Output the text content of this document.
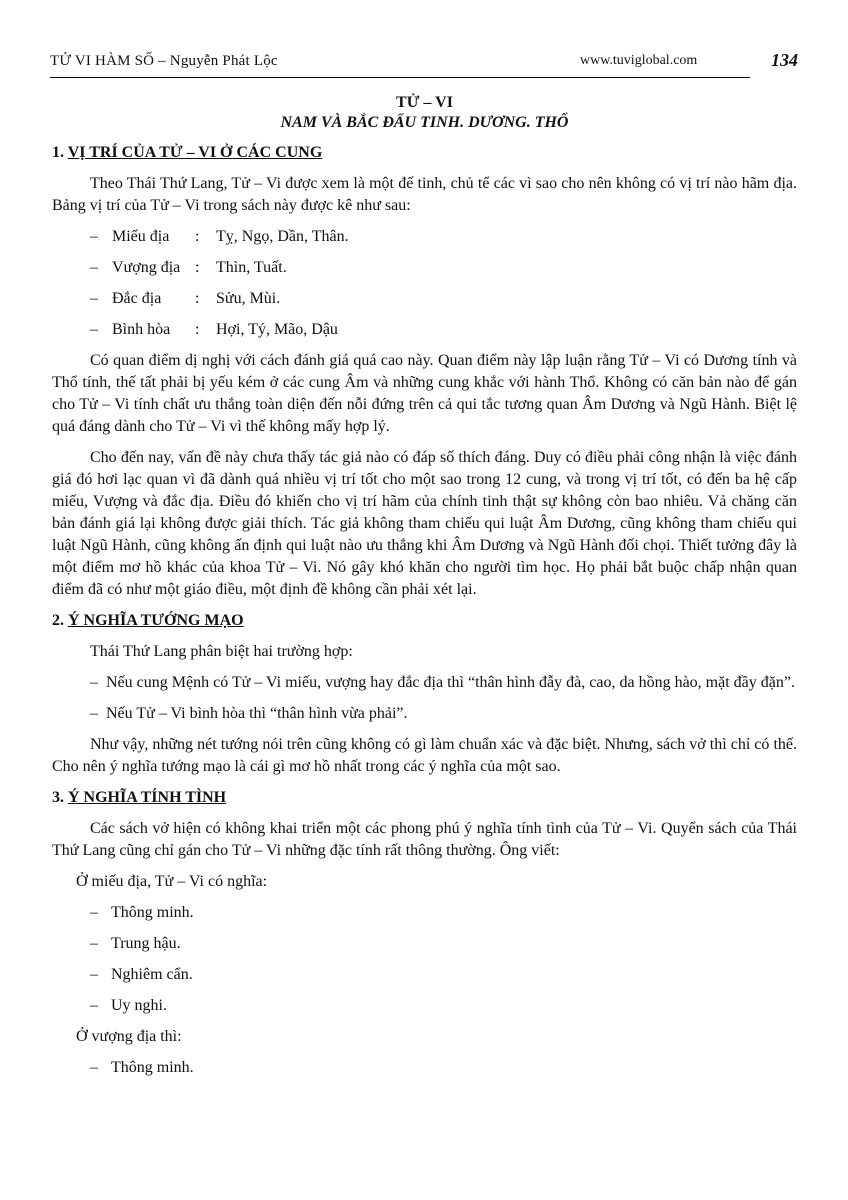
TỬ VI HÀM SỐ – Nguyễn Phát Lộc	www.tuviglobal.com	134
TỬ – VI
NAM VÀ BẮC ĐẨU TINH. DƯƠNG. THỔ
1. VỊ TRÍ CỦA TỬ – VI Ở CÁC CUNG

Theo Thái Thứ Lang, Tử – Vi được xem là một đế tinh, chủ tể các vì sao cho nên không có vị trí nào hãm địa. Bảng vị trí của Tử – Vi trong sách này được kê như sau:

– Miếu địa : Tỵ, Ngọ, Dần, Thân.
– Vượng địa : Thìn, Tuất.
– Đắc địa : Sửu, Mùi.
– Bình hòa : Hợi, Tý, Mão, Dậu

Có quan điểm dị nghị với cách đánh giá quá cao này. Quan điểm này lập luận rằng Tử – Vi có Dương tính và Thổ tính, thế tất phải bị yếu kém ở các cung Âm và những cung khắc với hành Thổ. Không có căn bản nào để gán cho Tử – Vi tính chất ưu thắng toàn diện đến nỗi đứng trên cả qui tắc tương quan Âm Dương và Ngũ Hành. Biệt lệ quá đáng dành cho Tử – Vi vì thế không mấy hợp lý.

Cho đến nay, vấn đề này chưa thấy tác giả nào có đáp số thích đáng. Duy có điều phải công nhận là việc đánh giá đó hơi lạc quan vì đã dành quá nhiều vị trí tốt cho một sao trong 12 cung, và trong vị trí tốt, có đến ba hệ cấp miếu, Vượng và đắc địa. Điều đó khiến cho vị trí hãm của chính tinh thật sự không còn bao nhiêu. Vả chăng căn bản đánh giá lại không được giải thích. Tác giả không tham chiếu qui luật Âm Dương, cũng không tham chiếu qui luật Ngũ Hành, cũng không ấn định qui luật nào ưu thắng khi Âm Dương và Ngũ Hành đối chọi. Thiết tưởng đây là một điểm mơ hồ khác của khoa Tử – Vi. Nó gây khó khăn cho người tìm học. Họ phải bắt buộc chấp nhận quan điểm đã có như một giáo điều, một định đề không cần phải xét lại.

2. Ý NGHĨA TƯỚNG MẠO

Thái Thứ Lang phân biệt hai trường hợp:

– Nếu cung Mệnh có Tử – Vi miếu, vượng hay đắc địa thì “thân hình đẫy đà, cao, da hồng hào, mặt đầy đặn”.

– Nếu Tử – Vi bình hòa thì “thân hình vừa phải”.

Như vậy, những nét tướng nói trên cũng không có gì làm chuẩn xác và đặc biệt. Nhưng, sách vở thì chỉ có thế. Cho nên ý nghĩa tướng mạo là cái gì mơ hồ nhất trong các ý nghĩa của một sao.

3. Ý NGHĨA TÍNH TÌNH

Các sách vở hiện có không khai triển một các phong phú ý nghĩa tính tình của Tử – Vi. Quyển sách của Thái Thứ Lang cũng chỉ gán cho Tử – Vi những đặc tính rất thông thường. Ông viết:

Ở miếu địa, Tử – Vi có nghĩa:
– Thông minh.
– Trung hậu.
– Nghiêm cẩn.
– Uy nghi.
Ở vượng địa thì:
– Thông minh.
